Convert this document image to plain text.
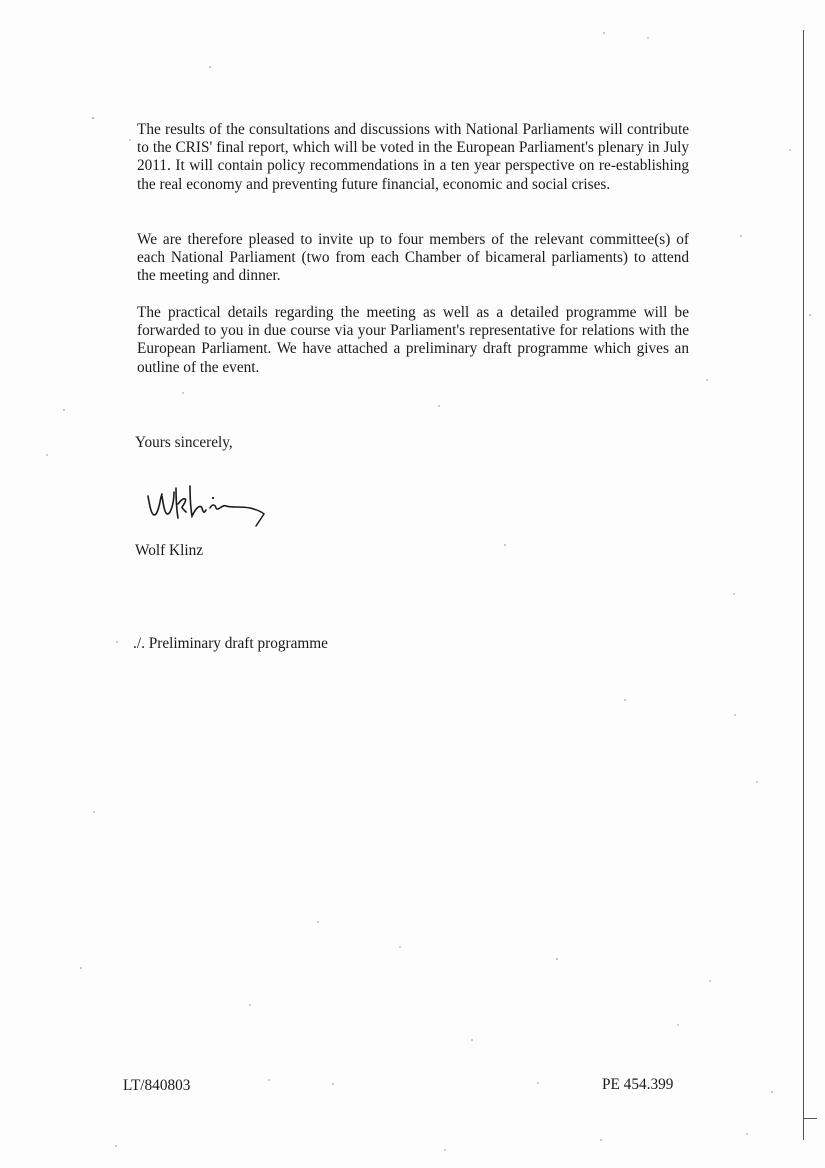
The results of the consultations and discussions with National Parliaments will contribute to the CRIS' final report, which will be voted in the European Parliament's plenary in July 2011. It will contain policy recommendations in a ten year perspective on re-establishing the real economy and preventing future financial, economic and social crises.
We are therefore pleased to invite up to four members of the relevant committee(s) of each National Parliament (two from each Chamber of bicameral parliaments) to attend the meeting and dinner.
The practical details regarding the meeting as well as a detailed programme will be forwarded to you in due course via your Parliament's representative for relations with the European Parliament. We have attached a preliminary draft programme which gives an outline of the event.
Yours sincerely,
Wolf Klinz
./. Preliminary draft programme
LT/840803	PE 454.399
